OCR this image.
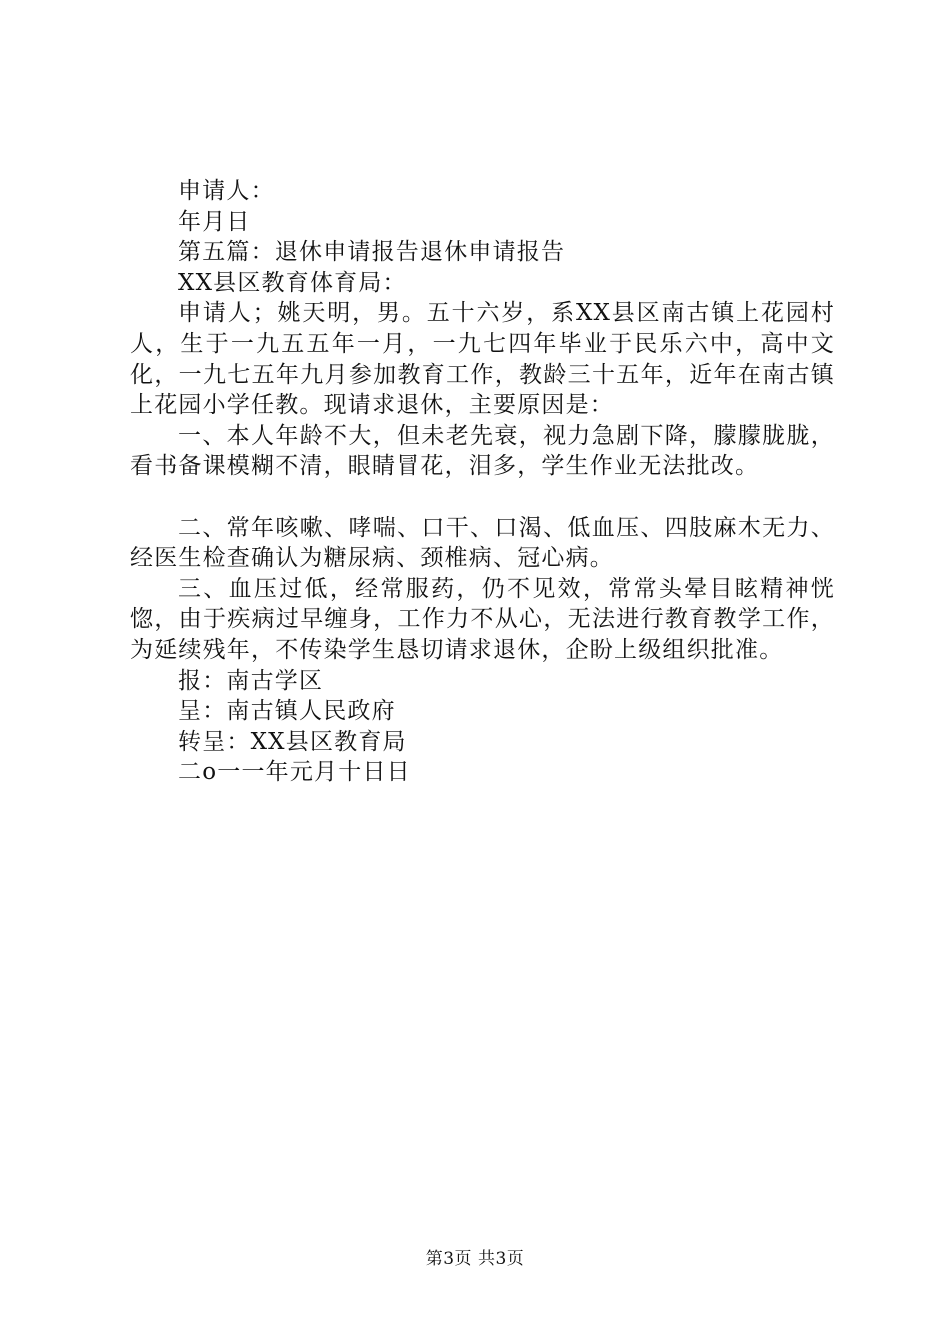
申请人：

年月日

第五篇：退休申请报告退休申请报告

XX县区教育体育局：

申请人；姚天明，男。五十六岁，系XX县区南古镇上花园村人，生于一九五五年一月，一九七四年毕业于民乐六中，高中文化，一九七五年九月参加教育工作，教龄三十五年，近年在南古镇上花园小学任教。现请求退休，主要原因是：

一、本人年龄不大，但未老先衰，视力急剧下降，朦朦胧胧，看书备课模糊不清，眼睛冒花，泪多，学生作业无法批改。

二、常年咳嗽、哮喘、口干、口渴、低血压、四肢麻木无力、经医生检查确认为糖尿病、颈椎病、冠心病。

三、血压过低，经常服药，仍不见效，常常头晕目眩精神恍惚，由于疾病过早缠身，工作力不从心，无法进行教育教学工作，为延续残年，不传染学生恳切请求退休，企盼上级组织批准。

报：南古学区

呈：南古镇人民政府

转呈：XX县区教育局

二o一一年元月十日日

第3页 共3页
